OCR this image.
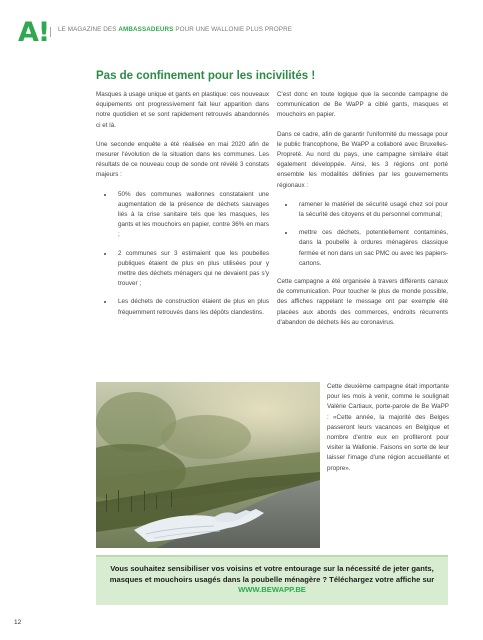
A ! LE MAGAZINE DES AMBASSADEURS POUR UNE WALLONIE PLUS PROPRE
Pas de confinement pour les incivilités !

Masques à usage unique et gants en plastique: ces nouveaux équipements ont progressivement fait leur apparition dans notre quotidien et se sont rapidement retrouvés abandonnés ci et là.

Une seconde enquête a été réalisée en mai 2020 afin de mesurer l'évolution de la situation dans les communes. Les résultats de ce nouveau coup de sonde ont révélé 3 constats majeurs :

• 50% des communes wallonnes constataient une augmentation de la présence de déchets sauvages liés à la crise sanitaire tels que les masques, les gants et les mouchoirs en papier, contre 36% en mars ;
• 2 communes sur 3 estimaient que les poubelles publiques étaient de plus en plus utilisées pour y mettre des déchets ménagers qui ne devaient pas s'y trouver ;
• Les déchets de construction étaient de plus en plus fréquemment retrouvés dans les dépôts clandestins.

C'est donc en toute logique que la seconde campagne de communication de Be WaPP a ciblé gants, masques et mouchoirs en papier.

Dans ce cadre, afin de garantir l'uniformité du message pour le public francophone, Be WaPP a collaboré avec Bruxelles-Propreté. Au nord du pays, une campagne similaire était également développée. Ainsi, les 3 régions ont porté ensemble les modalités définies par les gouvernements régionaux :

• ramener le matériel de sécurité usagé chez soi pour la sécurité des citoyens et du personnel communal;
• mettre ces déchets, potentiellement contaminés, dans la poubelle à ordures ménagères classique fermée et non dans un sac PMC ou avec les papiers-cartons.

Cette campagne a été organisée à travers différents canaux de communication. Pour toucher le plus de monde possible, des affiches rappelant le message ont par exemple été placées aux abords des commerces, endroits récurrents d'abandon de déchets liés au coronavirus.

Cette deuxième campagne était importante pour les mois à venir, comme le soulignait Valérie Cartiaux, porte-parole de Be WaPP : «Cette année, la majorité des Belges passeront leurs vacances en Belgique et nombre d'entre eux en profiteront pour visiter la Wallonie. Faisons en sorte de leur laisser l'image d'une région accueillante et propre».

Vous souhaitez sensibiliser vos voisins et votre entourage sur la nécessité de jeter gants,
masques et mouchoirs usagés dans la poubelle ménagère ? Téléchargez votre affiche sur
WWW.BEWAPP.BE
12
